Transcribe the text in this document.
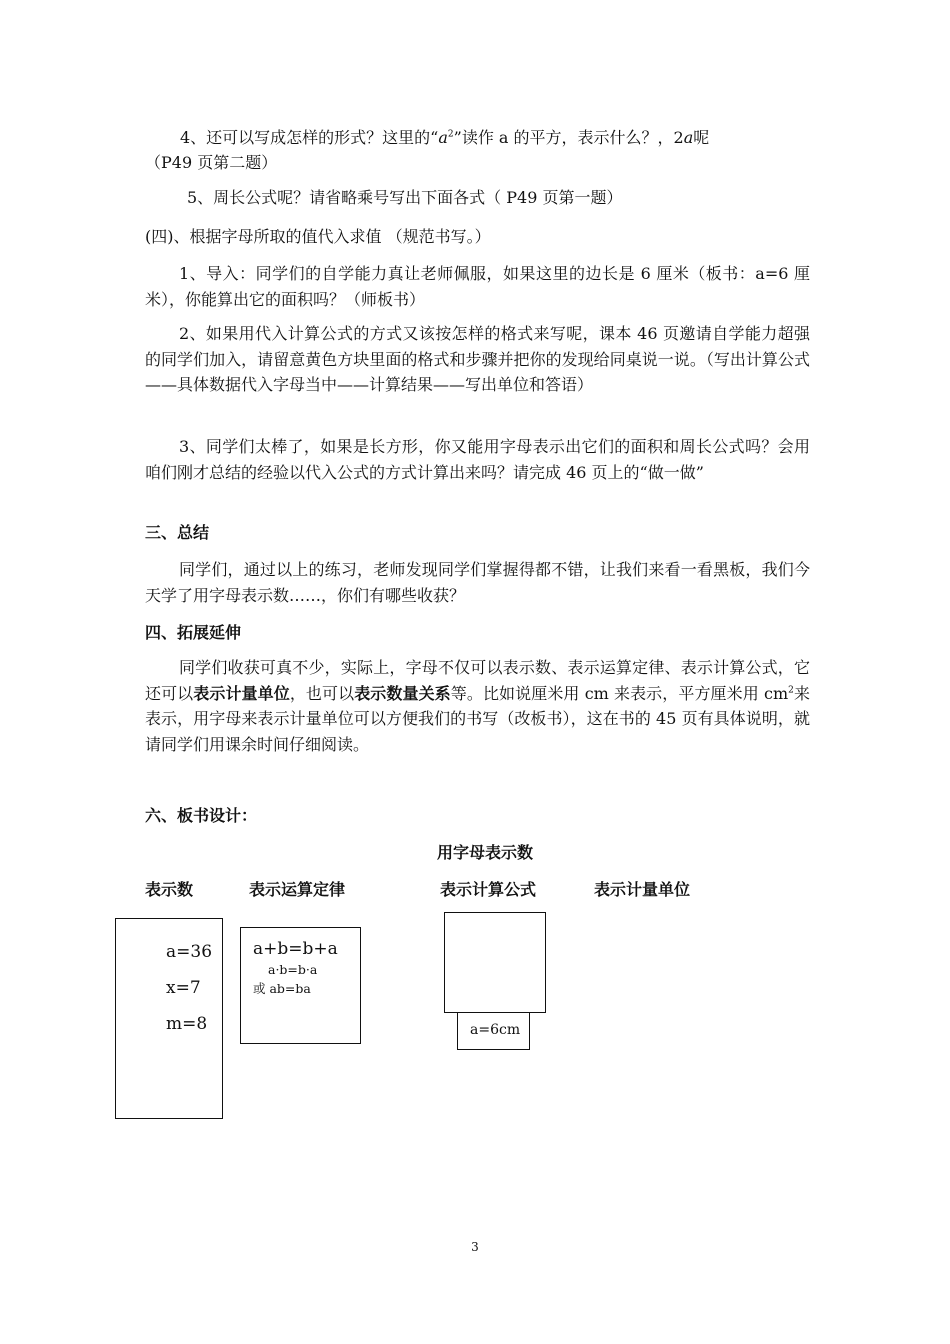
4、还可以写成怎样的形式？这里的“$a^2$”读作 a 的平方，表示什么？，2a呢
（P49 页第二题）
5、周长公式呢？请省略乘号写出下面各式（ P49 页第一题）
(四)、根据字母所取的值代入求值 （规范书写。）
1、导入：同学们的自学能力真让老师佩服，如果这里的边长是 6 厘米（板书：a=6 厘米），你能算出它的面积吗？（师板书）
2、如果用代入计算公式的方式又该按怎样的格式来写呢，课本 46 页邀请自学能力超强的同学们加入，请留意黄色方块里面的格式和步骤并把你的发现给同桌说一说。（写出计算公式——具体数据代入字母当中——计算结果——写出单位和答语）
3、同学们太棒了，如果是长方形，你又能用字母表示出它们的面积和周长公式吗？会用咱们刚才总结的经验以代入公式的方式计算出来吗？请完成 46 页上的“做一做”
三、总结
同学们，通过以上的练习，老师发现同学们掌握得都不错，让我们来看一看黑板，我们今天学了用字母表示数……，你们有哪些收获？
四、拓展延伸
同学们收获可真不少，实际上，字母不仅可以表示数、表示运算定律、表示计算公式，它还可以表示计量单位，也可以表示数量关系等。比如说厘米用 cm 来表示，平方厘米用 $cm^2$来表示，用字母来表示计量单位可以方便我们的书写（改板书），这在书的 45 页有具体说明，就请同学们用课余时间仔细阅读。
六、板书设计：
用字母表示数
表示数	表示运算定律	表示计算公式	表示计量单位
a=36
x=7
m=8
a+b=b+a
a·b=b·a
或 ab=ba
a=6cm
3
